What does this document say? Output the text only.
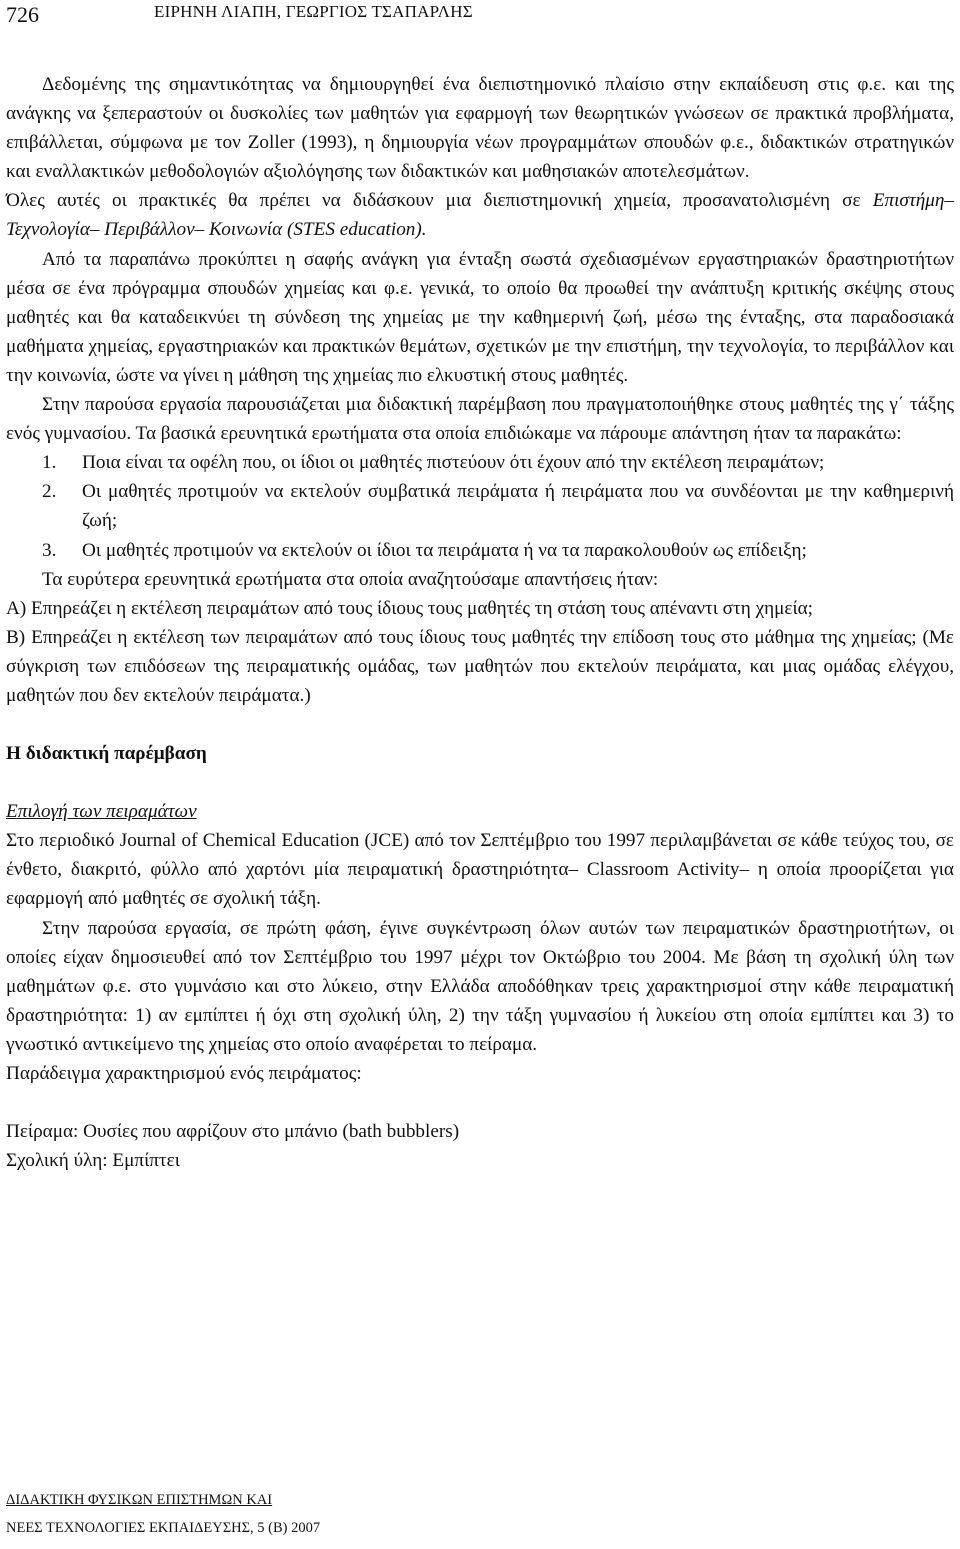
726	ΕΙΡΗΝΗ ΛΙΑΠΗ, ΓΕΩΡΓΙΟΣ ΤΣΑΠΑΡΛΗΣ

Δεδομένης της σημαντικότητας να δημιουργηθεί ένα διεπιστημονικό πλαίσιο στην εκπαίδευση στις φ.ε. και της ανάγκης να ξεπεραστούν οι δυσκολίες των μαθητών για εφαρμογή των θεωρητικών γνώσεων σε πρακτικά προβλήματα, επιβάλλεται, σύμφωνα με τον Zoller (1993), η δημιουργία νέων προγραμμάτων σπουδών φ.ε., διδακτικών στρατηγικών και εναλλακτικών μεθοδολογιών αξιολόγησης των διδακτικών και μαθησιακών αποτελεσμάτων.

Όλες αυτές οι πρακτικές θα πρέπει να διδάσκουν μια διεπιστημονική χημεία, προσανατολισμένη σε Επιστήμη– Τεχνολογία– Περιβάλλον– Κοινωνία (STES education).

Από τα παραπάνω προκύπτει η σαφής ανάγκη για ένταξη σωστά σχεδιασμένων εργαστηριακών δραστηριοτήτων μέσα σε ένα πρόγραμμα σπουδών χημείας και φ.ε. γενικά, το οποίο θα προωθεί την ανάπτυξη κριτικής σκέψης στους μαθητές και θα καταδεικνύει τη σύνδεση της χημείας με την καθημερινή ζωή, μέσω της ένταξης, στα παραδοσιακά μαθήματα χημείας, εργαστηριακών και πρακτικών θεμάτων, σχετικών με την επιστήμη, την τεχνολογία, το περιβάλλον και την κοινωνία, ώστε να γίνει η μάθηση της χημείας πιο ελκυστική στους μαθητές.

Στην παρούσα εργασία παρουσιάζεται μια διδακτική παρέμβαση που πραγματοποιήθηκε στους μαθητές της γ΄ τάξης ενός γυμνασίου. Τα βασικά ερευνητικά ερωτήματα στα οποία επιδιώκαμε να πάρουμε απάντηση ήταν τα παρακάτω:

1.	Ποια είναι τα οφέλη που, οι ίδιοι οι μαθητές πιστεύουν ότι έχουν από την εκτέλεση πειραμάτων;
2.	Οι μαθητές προτιμούν να εκτελούν συμβατικά πειράματα ή πειράματα που να συνδέονται με την καθημερινή ζωή;
3.	Οι μαθητές προτιμούν να εκτελούν οι ίδιοι τα πειράματα ή να τα παρακολουθούν ως επίδειξη;

Τα ευρύτερα ερευνητικά ερωτήματα στα οποία αναζητούσαμε απαντήσεις ήταν:

Α) Επηρεάζει η εκτέλεση πειραμάτων από τους ίδιους τους μαθητές τη στάση τους απέναντι στη χημεία;

Β) Επηρεάζει η εκτέλεση των πειραμάτων από τους ίδιους τους μαθητές την επίδοση τους στο μάθημα της χημείας; (Με σύγκριση των επιδόσεων της πειραματικής ομάδας, των μαθητών που εκτελούν πειράματα, και μιας ομάδας ελέγχου, μαθητών που δεν εκτελούν πειράματα.)

Η διδακτική παρέμβαση

Επιλογή των πειραμάτων

Στο περιοδικό Journal of Chemical Education (JCE) από τον Σεπτέμβριο του 1997 περιλαμβάνεται σε κάθε τεύχος του, σε ένθετο, διακριτό, φύλλο από χαρτόνι μία πειραματική δραστηριότητα– Classroom Activity– η οποία προορίζεται για εφαρμογή από μαθητές σε σχολική τάξη.

Στην παρούσα εργασία, σε πρώτη φάση, έγινε συγκέντρωση όλων αυτών των πειραματικών δραστηριοτήτων, οι οποίες είχαν δημοσιευθεί από τον Σεπτέμβριο του 1997 μέχρι τον Οκτώβριο του 2004. Με βάση τη σχολική ύλη των μαθημάτων φ.ε. στο γυμνάσιο και στο λύκειο, στην Ελλάδα αποδόθηκαν τρεις χαρακτηρισμοί στην κάθε πειραματική δραστηριότητα: 1) αν εμπίπτει ή όχι στη σχολική ύλη, 2) την τάξη γυμνασίου ή λυκείου στη οποία εμπίπτει και 3) το γνωστικό αντικείμενο της χημείας στο οποίο αναφέρεται το πείραμα.

Παράδειγμα χαρακτηρισμού ενός πειράματος:

Πείραμα: Ουσίες που αφρίζουν στο μπάνιο (bath bubblers)

Σχολική ύλη: Εμπίπτει

ΔΙΔΑΚΤΙΚΗ ΦΥΣΙΚΩΝ ΕΠΙΣΤΗΜΩΝ ΚΑΙ
ΝΕΕΣ ΤΕΧΝΟΛΟΓΙΕΣ ΕΚΠΑΙΔΕΥΣΗΣ, 5 (Β) 2007
